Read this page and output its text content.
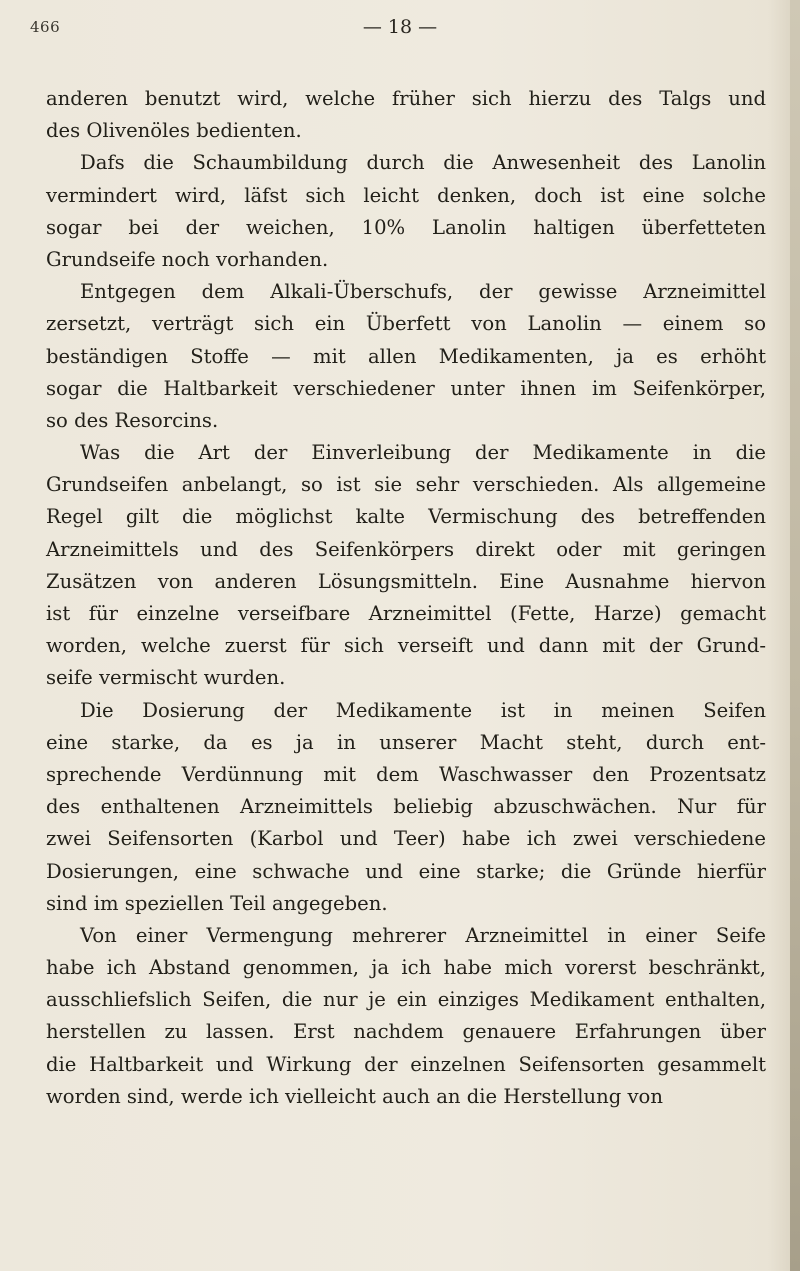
466	— 18 —
anderen benutzt wird, welche früher sich hierzu des Talgs und
des Olivenöles bedienten.
Dafs die Schaumbildung durch die Anwesenheit des Lanolin
vermindert wird, läfst sich leicht denken, doch ist eine solche
sogar bei der weichen, 10% Lanolin haltigen überfetteten
Grundseife noch vorhanden.
Entgegen dem Alkali-Überschufs, der gewisse Arzneimittel
zersetzt, verträgt sich ein Überfett von Lanolin — einem so
beständigen Stoffe — mit allen Medikamenten, ja es erhöht
sogar die Haltbarkeit verschiedener unter ihnen im Seifenkörper,
so des Resorcins.
Was die Art der Einverleibung der Medikamente in die
Grundseifen anbelangt, so ist sie sehr verschieden. Als allgemeine
Regel gilt die möglichst kalte Vermischung des betreffenden
Arzneimittels und des Seifenkörpers direkt oder mit geringen
Zusätzen von anderen Lösungsmitteln. Eine Ausnahme hiervon
ist für einzelne verseifbare Arzneimittel (Fette, Harze) gemacht
worden, welche zuerst für sich verseift und dann mit der Grund-
seife vermischt wurden.
Die Dosierung der Medikamente ist in meinen Seifen
eine starke, da es ja in unserer Macht steht, durch ent-
sprechende Verdünnung mit dem Waschwasser den Prozentsatz
des enthaltenen Arzneimittels beliebig abzuschwächen. Nur für
zwei Seifensorten (Karbol und Teer) habe ich zwei verschiedene
Dosierungen, eine schwache und eine starke; die Gründe hierfür
sind im speziellen Teil angegeben.
Von einer Vermengung mehrerer Arzneimittel in einer Seife
habe ich Abstand genommen, ja ich habe mich vorerst beschränkt,
ausschliefslich Seifen, die nur je ein einziges Medikament enthalten,
herstellen zu lassen. Erst nachdem genauere Erfahrungen über
die Haltbarkeit und Wirkung der einzelnen Seifensorten gesammelt
worden sind, werde ich vielleicht auch an die Herstellung von
